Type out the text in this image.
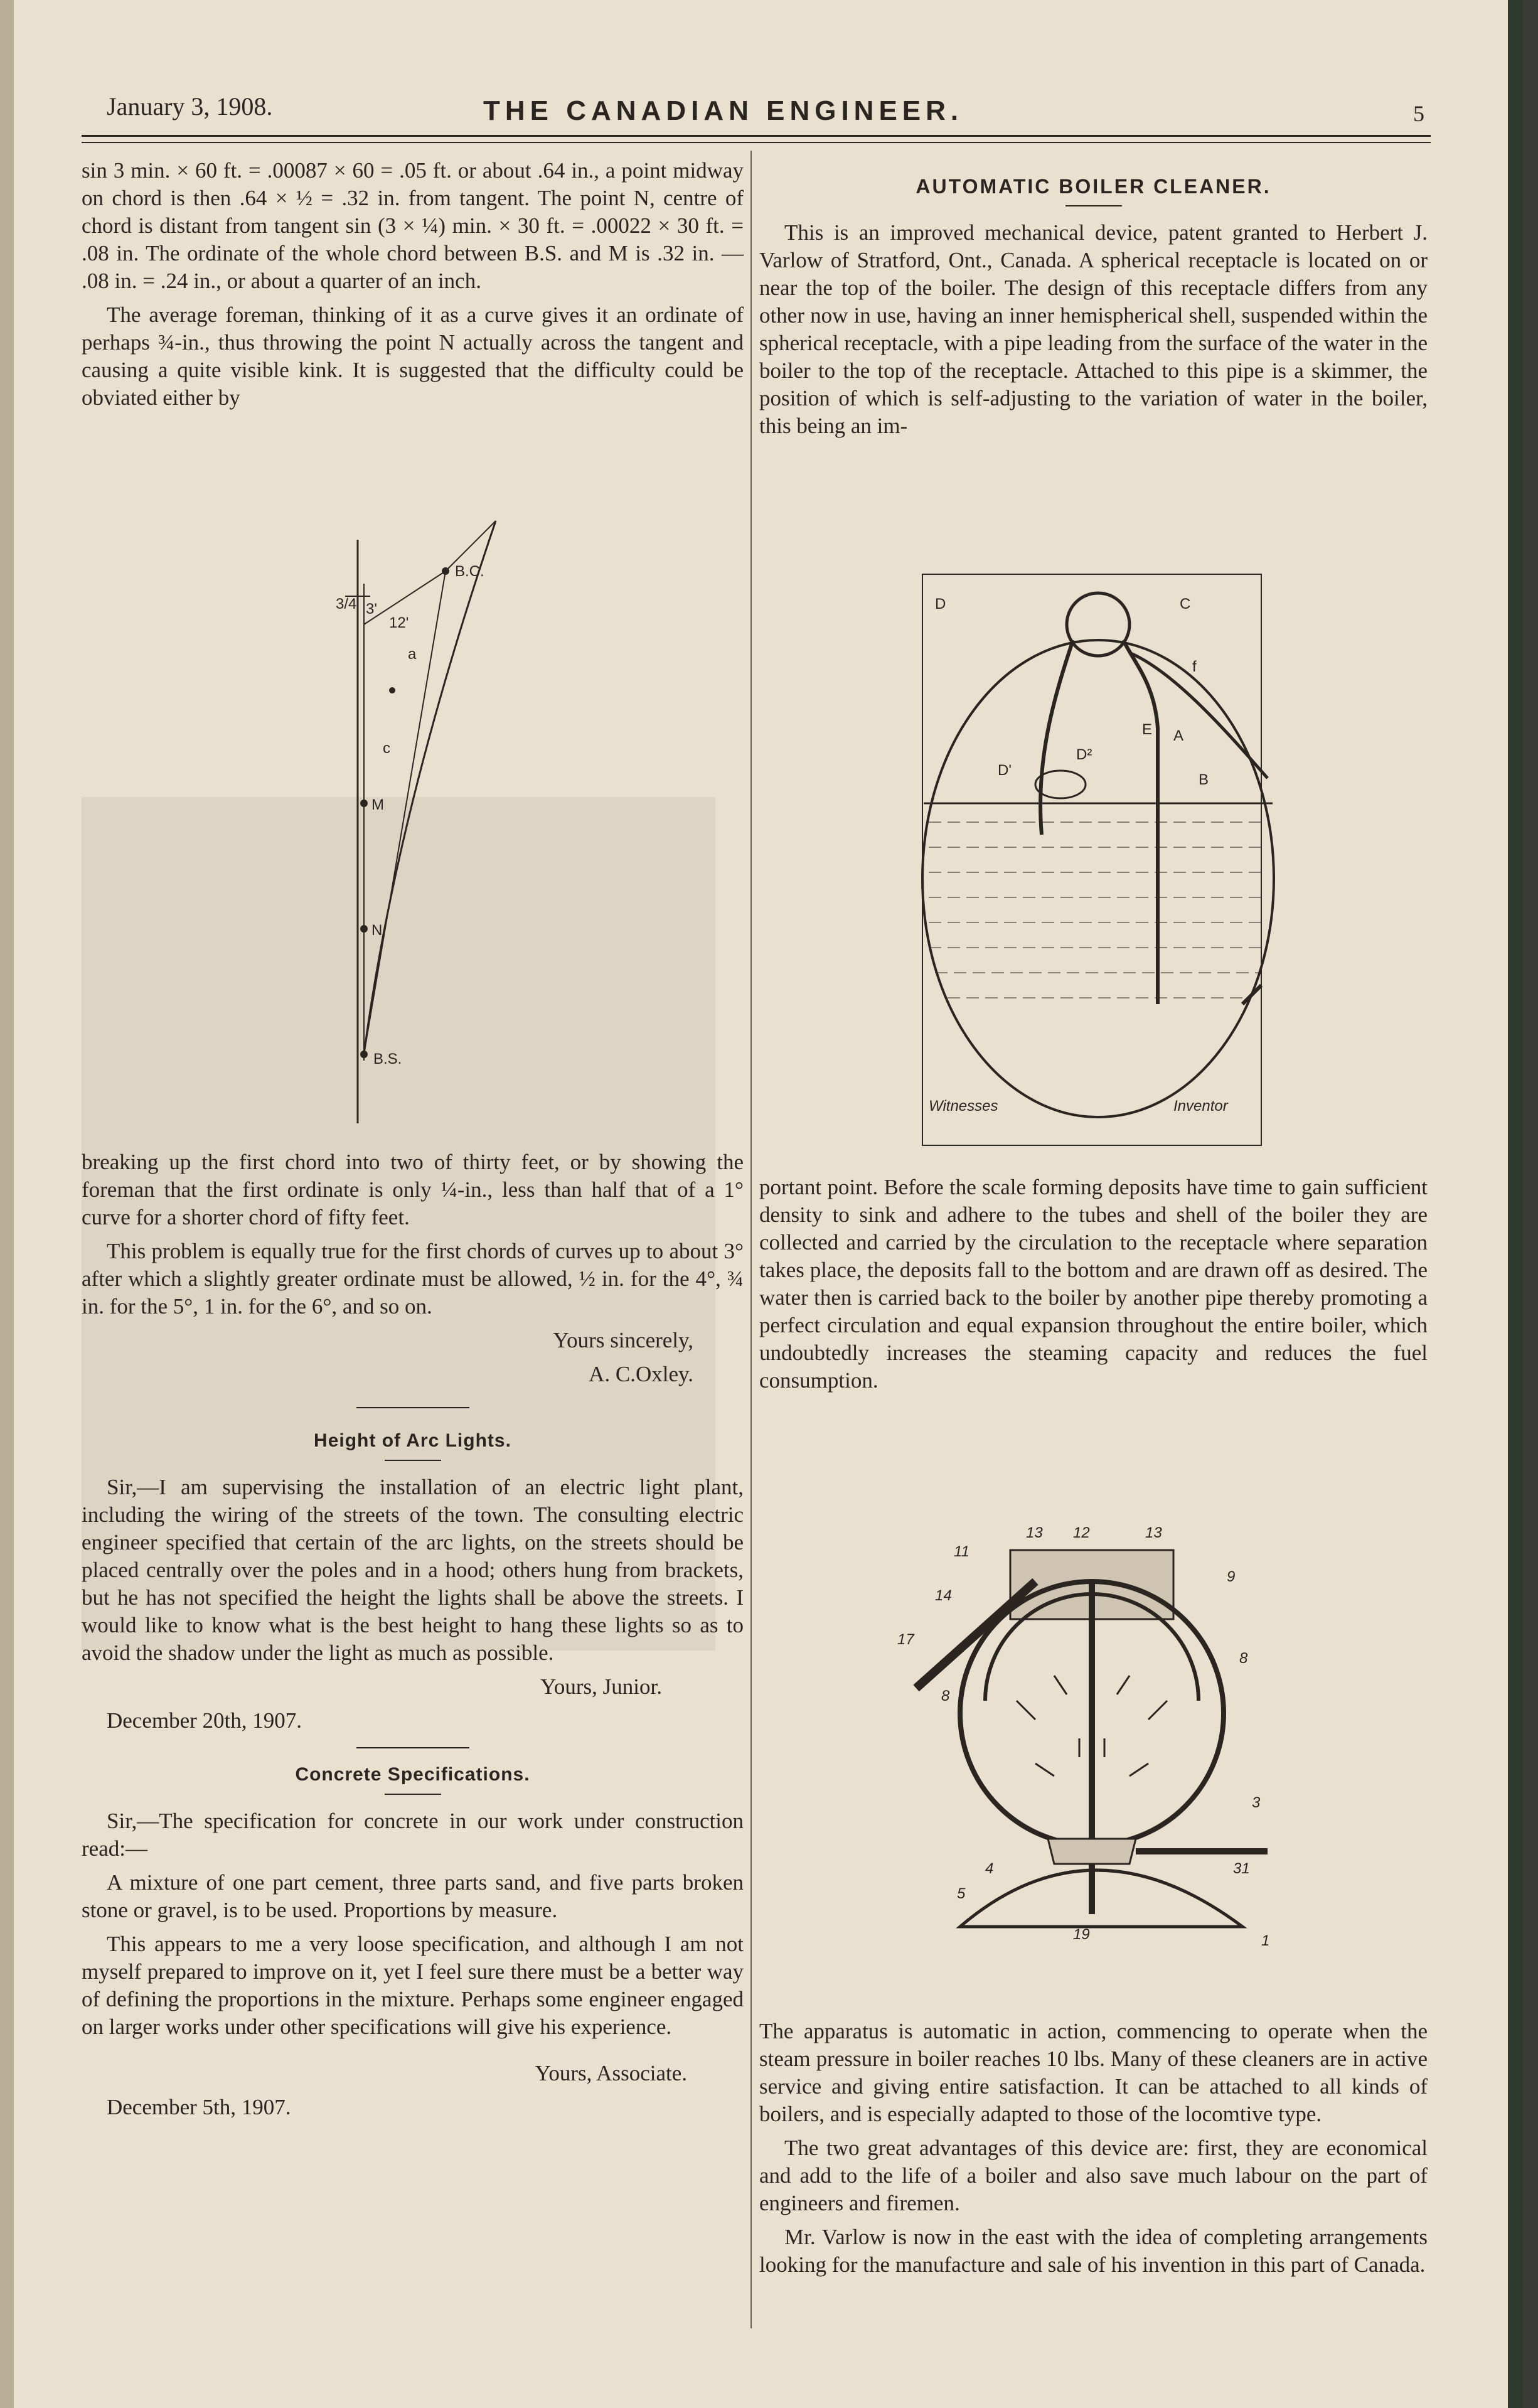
January 3, 1908.	THE CANADIAN ENGINEER.	5

sin 3 min. × 60 ft. = .00087 × 60 = .05 ft. or about .64 in., a point midway on chord is then .64 × ½ = .32 in. from tangent. The point N, centre of chord is distant from tangent sin (3 × ¼) min. × 30 ft. = .00022 × 30 ft. = .08 in. The ordinate of the whole chord between B.S. and M is .32 in. — .08 in. = .24 in., or about a quarter of an inch.

The average foreman, thinking of it as a curve gives it an ordinate of perhaps ¾-in., thus throwing the point N actually across the tangent and causing a quite visible kink. It is suggested that the difficulty could be obviated either by

B.C.
M
N
B.S.
12'
3'
a
c
3/4

breaking up the first chord into two of thirty feet, or by showing the foreman that the first ordinate is only ¼-in., less than half that of a 1° curve for a shorter chord of fifty feet.

This problem is equally true for the first chords of curves up to about 3° after which a slightly greater ordinate must be allowed, ½ in. for the 4°, ¾ in. for the 5°, 1 in. for the 6°, and so on.

Yours sincerely,

A. C.Oxley.

Height of Arc Lights.

Sir,—I am supervising the installation of an electric light plant, including the wiring of the streets of the town. The consulting electric engineer specified that certain of the arc lights, on the streets should be placed centrally over the poles and in a hood; others hung from brackets, but he has not specified the height the lights shall be above the streets. I would like to know what is the best height to hang these lights so as to avoid the shadow under the light as much as possible.

Yours, Junior.

December 20th, 1907.

Concrete Specifications.

Sir,—The specification for concrete in our work under construction read:—

A mixture of one part cement, three parts sand, and five parts broken stone or gravel, is to be used. Proportions by measure.

This appears to me a very loose specification, and although I am not myself prepared to improve on it, yet I feel sure there must be a better way of defining the proportions in the mixture. Perhaps some engineer engaged on larger works under other specifications will give his experience.

Yours, Associate.

December 5th, 1907.

AUTOMATIC BOILER CLEANER.

This is an improved mechanical device, patent granted to Herbert J. Varlow of Stratford, Ont., Canada. A spherical receptacle is located on or near the top of the boiler. The design of this receptacle differs from any other now in use, having an inner hemispherical shell, suspended within the spherical receptacle, with a pipe leading from the surface of the water in the boiler to the top of the receptacle. Attached to this pipe is a skimmer, the position of which is self-adjusting to the variation of water in the boiler, this being an im-

D	C
E A
f
B
D'
D²
Witnesses	Inventor

portant point. Before the scale forming deposits have time to gain sufficient density to sink and adhere to the tubes and shell of the boiler they are collected and carried by the circulation to the receptacle where separation takes place, the deposits fall to the bottom and are drawn off as desired. The water then is carried back to the boiler by another pipe thereby promoting a perfect circulation and equal expansion throughout the entire boiler, which undoubtedly increases the steaming capacity and reduces the fuel consumption.

11
13 12	13
9
14
17
8
8
3
4
5
31
19	1

The apparatus is automatic in action, commencing to operate when the steam pressure in boiler reaches 10 lbs. Many of these cleaners are in active service and giving entire satisfaction. It can be attached to all kinds of boilers, and is especially adapted to those of the locomtive type.

The two great advantages of this device are: first, they are economical and add to the life of a boiler and also save much labour on the part of engineers and firemen.

Mr. Varlow is now in the east with the idea of completing arrangements looking for the manufacture and sale of his invention in this part of Canada.
